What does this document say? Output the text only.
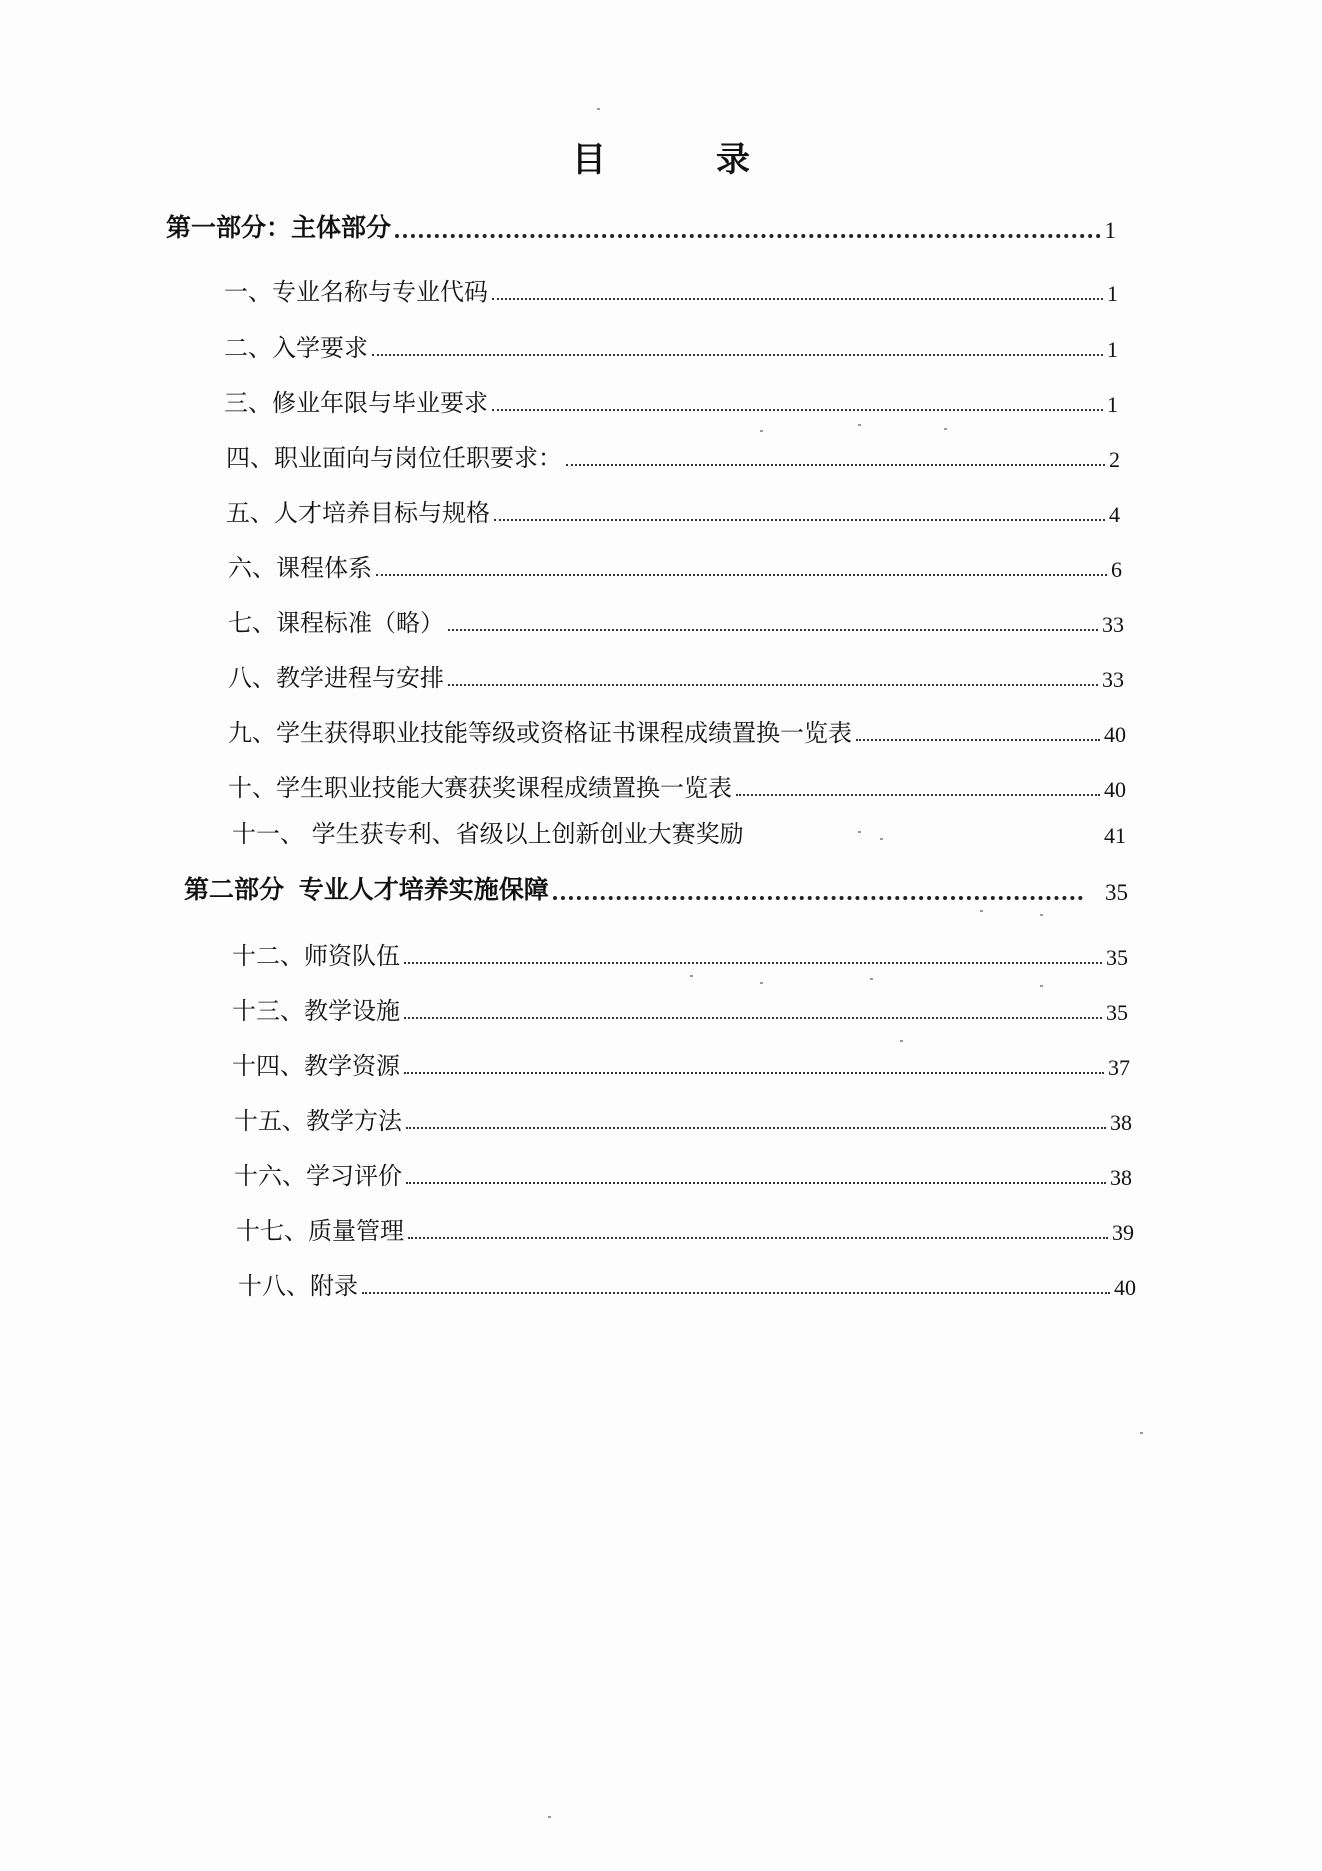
目　录
第一部分：主体部分	1
一、专业名称与专业代码	1
二、入学要求	1
三、修业年限与毕业要求	1
四、职业面向与岗位任职要求：	2
五、人才培养目标与规格	4
六、课程体系	6
七、课程标准（略）	33
八、教学进程与安排	33
九、学生获得职业技能等级或资格证书课程成绩置换一览表	40
十、学生职业技能大赛获奖课程成绩置换一览表	40
十一、 学生获专利、省级以上创新创业大赛奖励	41
第二部分 专业人才培养实施保障	35
十二、师资队伍	35
十三、教学设施	35
十四、教学资源	37
十五、教学方法	38
十六、学习评价	38
十七、质量管理	39
十八、附录	40
